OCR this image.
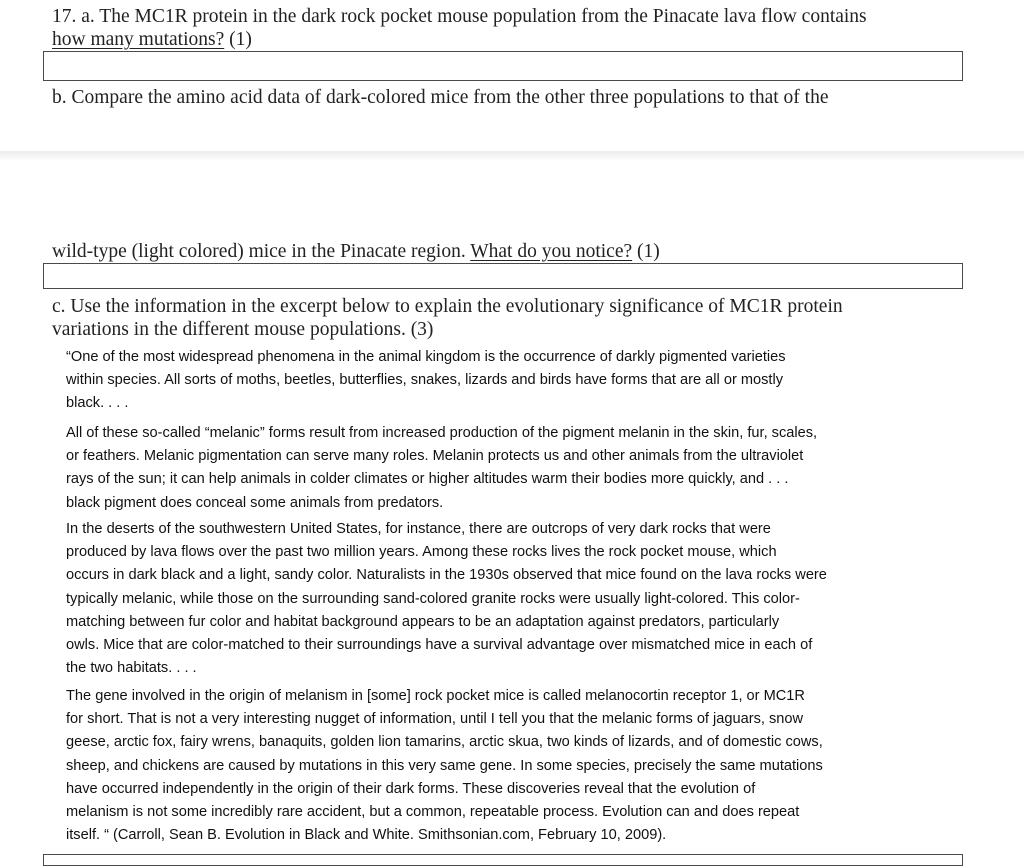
17. a. The MC1R protein in the dark rock pocket mouse population from the Pinacate lava flow contains
how many mutations? (1)
b. Compare the amino acid data of dark-colored mice from the other three populations to that of the
wild-type (light colored) mice in the Pinacate region. What do you notice? (1)
c. Use the information in the excerpt below to explain the evolutionary significance of MC1R protein
variations in the different mouse populations. (3)
“One of the most widespread phenomena in the animal kingdom is the occurrence of darkly pigmented varieties
within species. All sorts of moths, beetles, butterflies, snakes, lizards and birds have forms that are all or mostly
black. . . .
All of these so-called “melanic” forms result from increased production of the pigment melanin in the skin, fur, scales,
or feathers. Melanic pigmentation can serve many roles. Melanin protects us and other animals from the ultraviolet
rays of the sun; it can help animals in colder climates or higher altitudes warm their bodies more quickly, and . . .
black pigment does conceal some animals from predators.
In the deserts of the southwestern United States, for instance, there are outcrops of very dark rocks that were
produced by lava flows over the past two million years. Among these rocks lives the rock pocket mouse, which
occurs in dark black and a light, sandy color. Naturalists in the 1930s observed that mice found on the lava rocks were
typically melanic, while those on the surrounding sand-colored granite rocks were usually light-colored. This color-
matching between fur color and habitat background appears to be an adaptation against predators, particularly
owls. Mice that are color-matched to their surroundings have a survival advantage over mismatched mice in each of
the two habitats. . . .
The gene involved in the origin of melanism in [some] rock pocket mice is called melanocortin receptor 1, or MC1R
for short. That is not a very interesting nugget of information, until I tell you that the melanic forms of jaguars, snow
geese, arctic fox, fairy wrens, banaquits, golden lion tamarins, arctic skua, two kinds of lizards, and of domestic cows,
sheep, and chickens are caused by mutations in this very same gene. In some species, precisely the same mutations
have occurred independently in the origin of their dark forms. These discoveries reveal that the evolution of
melanism is not some incredibly rare accident, but a common, repeatable process. Evolution can and does repeat
itself. “ (Carroll, Sean B. Evolution in Black and White. Smithsonian.com, February 10, 2009).
